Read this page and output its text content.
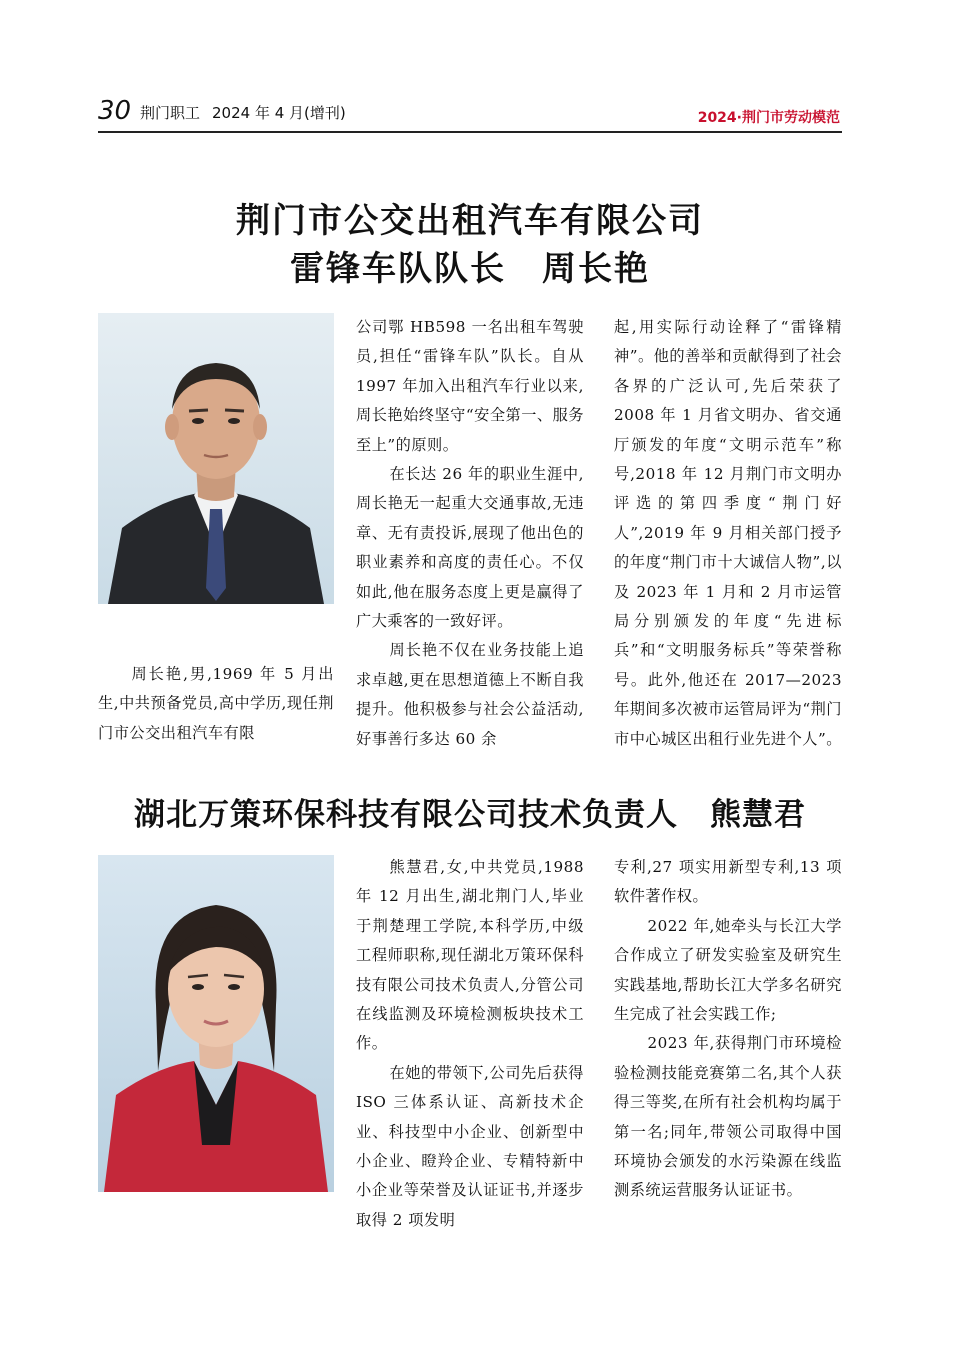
30 荆门职工 2024 年 4 月(增刊)	2024·荆门市劳动模范
荆门市公交出租汽车有限公司
雷锋车队队长　周长艳

周长艳,男,1969 年 5 月出生,中共预备党员,高中学历,现任荆门市公交出租汽车有限

公司鄂 HB598 一名出租车驾驶员,担任“雷锋车队”队长。自从 1997 年加入出租汽车行业以来,周长艳始终坚守“安全第一、服务至上”的原则。

在长达 26 年的职业生涯中,周长艳无一起重大交通事故,无违章、无有责投诉,展现了他出色的职业素养和高度的责任心。不仅如此,他在服务态度上更是赢得了广大乘客的一致好评。

周长艳不仅在业务技能上追求卓越,更在思想道德上不断自我提升。他积极参与社会公益活动,好事善行多达 60 余

起,用实际行动诠释了“雷锋精神”。他的善举和贡献得到了社会各界的广泛认可,先后荣获了 2008 年 1 月省文明办、省交通厅颁发的年度“文明示范车”称号,2018 年 12 月荆门市文明办评选的第四季度“荆门好人”,2019 年 9 月相关部门授予的年度“荆门市十大诚信人物”,以及 2023 年 1 月和 2 月市运管局分别颁发的年度“先进标兵”和“文明服务标兵”等荣誉称号。此外,他还在 2017—2023 年期间多次被市运管局评为“荆门市中心城区出租行业先进个人”。

湖北万策环保科技有限公司技术负责人　熊慧君

熊慧君,女,中共党员,1988 年 12 月出生,湖北荆门人,毕业于荆楚理工学院,本科学历,中级工程师职称,现任湖北万策环保科技有限公司技术负责人,分管公司在线监测及环境检测板块技术工作。

在她的带领下,公司先后获得 ISO 三体系认证、高新技术企业、科技型中小企业、创新型中小企业、瞪羚企业、专精特新中小企业等荣誉及认证证书,并逐步取得 2 项发明

专利,27 项实用新型专利,13 项软件著作权。

2022 年,她牵头与长江大学合作成立了研发实验室及研究生实践基地,帮助长江大学多名研究生完成了社会实践工作;

2023 年,获得荆门市环境检验检测技能竞赛第二名,其个人获得三等奖,在所有社会机构均属于第一名;同年,带领公司取得中国环境协会颁发的水污染源在线监测系统运营服务认证证书。
